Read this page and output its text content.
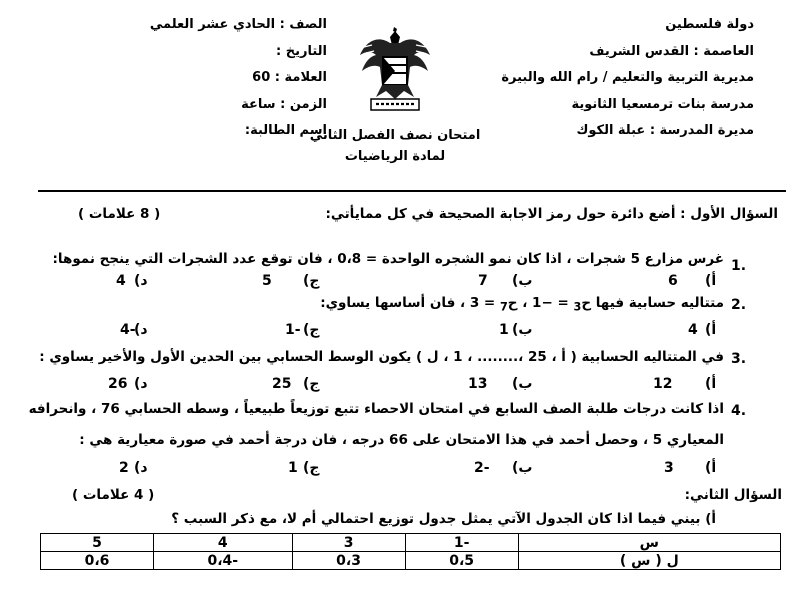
دولة فلسطين
العاصمة : القدس الشريف
مديرية التربية والتعليم / رام الله والبيرة
مدرسة بنات ترمسعيا الثانوية
مديرة المدرسة : عبلة الكوك
الصف : الحادي عشر العلمي
التاريخ :
العلامة : 60
الزمن : ساعة
اسم الطالبة:
امتحان نصف الفصل الثاني
لمادة الرياضيات
السؤال الأول : أضع دائرة حول رمز الاجابة الصحيحة في كل ممايأتي:
( 8 علامات )
1.
غرس مزارع 5 شجرات ، اذا كان نمو الشجره الواحدة = 0،8 ، فان توقع عدد الشجرات التي ينجح نموها:
أ)
6
ب)
7
ج)
5
د)
4
2.
متتاليه حسابية فيها ح$_3$ = −1 ، ح$_7$ = 3 ، فان أساسها يساوي:
أ)
4
ب)
1
ج)
-1
د)
-4
3.
في المتتاليه الحسابية ( أ ، 25 ،........ ، 1 ، ل ) يكون الوسط الحسابي بين الحدين الأول والأخير يساوي :
أ)
12
ب)
13
ج)
25
د)
26
4.
اذا كانت درجات طلبة الصف السابع في امتحان الاحصاء تتبع توزيعاً طبيعياً ، وسطه الحسابي 76 ، وانحرافه
المعياري 5 ، وحصل أحمد في هذا الامتحان على 66 درجه ، فان درجة أحمد في صورة معيارية هي :
أ)
3
ب)
-2
ج)
1
د)
2
السؤال الثاني:
( 4 علامات )
أ) بيني فيما اذا كان الجدول الآتي يمثل جدول توزيع احتمالي أم لا، مع ذكر السبب ؟
5	4	3	-1	س
0،6	-0،4	0،3	0،5	ل ( س )
